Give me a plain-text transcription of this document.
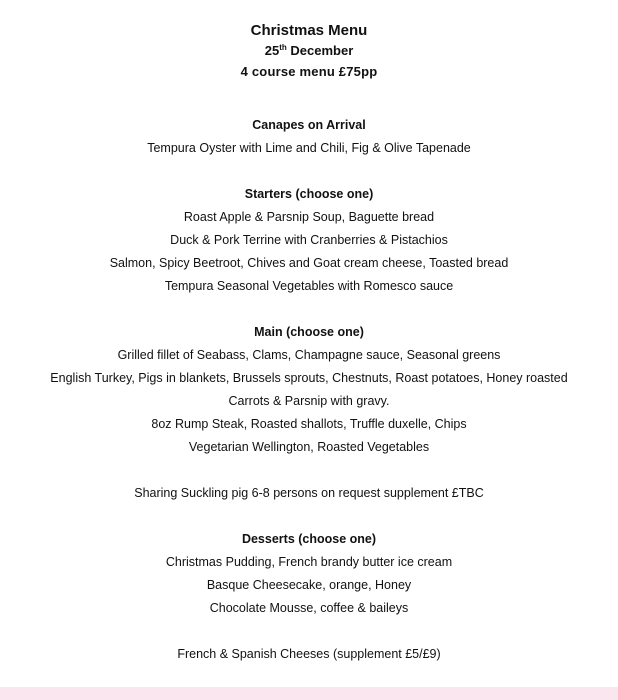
Christmas Menu
25th December
4 course menu £75pp
Canapes on Arrival
Tempura Oyster with Lime and Chili, Fig & Olive Tapenade
Starters (choose one)
Roast Apple & Parsnip Soup, Baguette bread
Duck & Pork Terrine with Cranberries & Pistachios
Salmon, Spicy Beetroot, Chives and Goat cream cheese, Toasted bread
Tempura Seasonal Vegetables with Romesco sauce
Main (choose one)
Grilled fillet of Seabass, Clams, Champagne sauce, Seasonal greens
English Turkey, Pigs in blankets, Brussels sprouts, Chestnuts, Roast potatoes, Honey roasted
Carrots & Parsnip with gravy.
8oz Rump Steak, Roasted shallots, Truffle duxelle, Chips
Vegetarian Wellington, Roasted Vegetables
Sharing Suckling pig 6-8 persons on request supplement £TBC
Desserts (choose one)
Christmas Pudding, French brandy butter ice cream
Basque Cheesecake, orange, Honey
Chocolate Mousse, coffee & baileys
French & Spanish Cheeses (supplement £5/£9)
